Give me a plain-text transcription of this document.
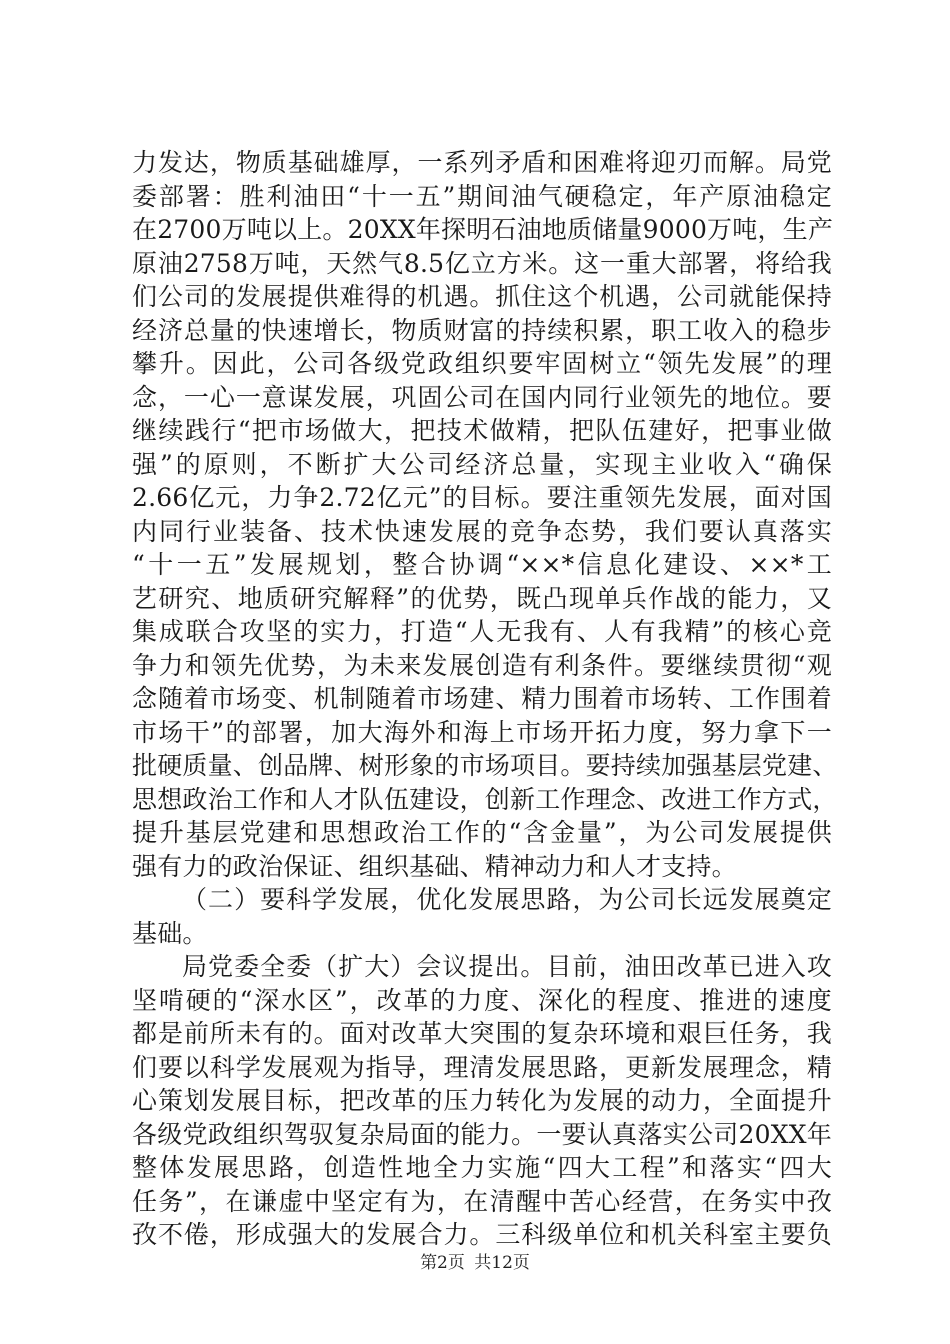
力发达，物质基础雄厚，一系列矛盾和困难将迎刃而解。局党
委部署：胜利油田“十一五”期间油气硬稳定，年产原油稳定
在2700万吨以上。20XX年探明石油地质储量9000万吨，生产
原油2758万吨，天然气8.5亿立方米。这一重大部署，将给我
们公司的发展提供难得的机遇。抓住这个机遇，公司就能保持
经济总量的快速增长，物质财富的持续积累，职工收入的稳步
攀升。因此，公司各级党政组织要牢固树立“领先发展”的理
念，一心一意谋发展，巩固公司在国内同行业领先的地位。要
继续践行“把市场做大，把技术做精，把队伍建好，把事业做
强”的原则，不断扩大公司经济总量，实现主业收入“确保
2.66亿元，力争2.72亿元”的目标。要注重领先发展，面对国
内同行业装备、技术快速发展的竞争态势，我们要认真落实
“十一五”发展规划，整合协调“××*信息化建设、××*工
艺研究、地质研究解释”的优势，既凸现单兵作战的能力，又
集成联合攻坚的实力，打造“人无我有、人有我精”的核心竞
争力和领先优势，为未来发展创造有利条件。要继续贯彻“观
念随着市场变、机制随着市场建、精力围着市场转、工作围着
市场干”的部署，加大海外和海上市场开拓力度，努力拿下一
批硬质量、创品牌、树形象的市场项目。要持续加强基层党建、
思想政治工作和人才队伍建设，创新工作理念、改进工作方式，
提升基层党建和思想政治工作的“含金量”，为公司发展提供
强有力的政治保证、组织基础、精神动力和人才支持。
（二）要科学发展，优化发展思路，为公司长远发展奠定
基础。
局党委全委（扩大）会议提出。目前，油田改革已进入攻
坚啃硬的“深水区”，改革的力度、深化的程度、推进的速度
都是前所未有的。面对改革大突围的复杂环境和艰巨任务，我
们要以科学发展观为指导，理清发展思路，更新发展理念，精
心策划发展目标，把改革的压力转化为发展的动力，全面提升
各级党政组织驾驭复杂局面的能力。一要认真落实公司20XX年
整体发展思路，创造性地全力实施“四大工程”和落实“四大
任务”，在谦虚中坚定有为，在清醒中苦心经营，在务实中孜
孜不倦，形成强大的发展合力。三科级单位和机关科室主要负
第2页 共12页
